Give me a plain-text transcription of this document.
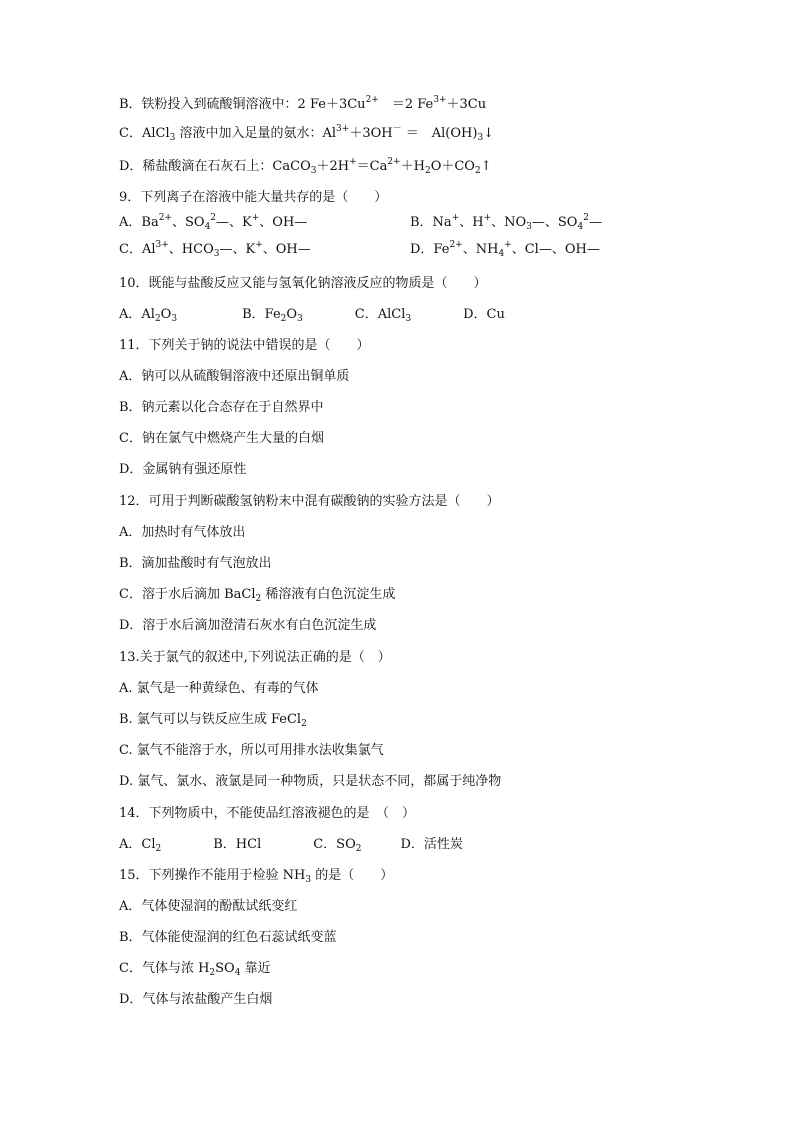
B．铁粉投入到硫酸铜溶液中：2 $Fe+3Cu^{2+}$　＝2 $Fe^{3+}+3Cu$
C．AlCl$_3$ 溶液中加入足量的氨水：$Al^{3+}+3OH^-$ ＝　$Al(OH)_3↓$
D．稀盐酸滴在石灰石上：$CaCO_3+2H^+=Ca^{2+}+H_2O+CO_2↑$
9．下列离子在溶液中能大量共存的是（　　）
A．$Ba^{2+}$、$SO_4^2—$、K+、OH—	B．Na+、H+、$NO_3—$、$SO_4^2—$
C．$Al^{3+}$、$HCO_3—$、K+、OH—	D．$Fe^{2+}$、$NH_4^+$、Cl—、OH—
10．既能与盐酸反应又能与氢氧化钠溶液反应的物质是（　　）
A．$Al_2O_3$　　　　　B．$Fe_2O_3$　　　　C．AlCl$_3$　　　　D．Cu
11．下列关于钠的说法中错误的是（　　）
A．钠可以从硫酸铜溶液中还原出铜单质
B．钠元素以化合态存在于自然界中
C．钠在氯气中燃烧产生大量的白烟
D．金属钠有强还原性
12．可用于判断碳酸氢钠粉末中混有碳酸钠的实验方法是（　　）
A．加热时有气体放出
B．滴加盐酸时有气泡放出
C．溶于水后滴加 BaCl$_2$ 稀溶液有白色沉淀生成
D．溶于水后滴加澄清石灰水有白色沉淀生成
13.关于氯气的叙述中,下列说法正确的是（　）
A. 氯气是一种黄绿色、有毒的气体
B. 氯气可以与铁反应生成 FeCl$_2$
C. 氯气不能溶于水，所以可用排水法收集氯气
D. 氯气、氯水、液氯是同一种物质，只是状态不同，都属于纯净物
14．下列物质中，不能使品红溶液褪色的是　（　）
A．$Cl_2$　　　　B．HCl　　　　C．$SO_2$　　　D．活性炭
15．下列操作不能用于检验 $NH_3$ 的是（　　）
A．气体使湿润的酚酞试纸变红
B．气体能使湿润的红色石蕊试纸变蓝
C．气体与浓 $H_2SO_4$ 靠近
D．气体与浓盐酸产生白烟
